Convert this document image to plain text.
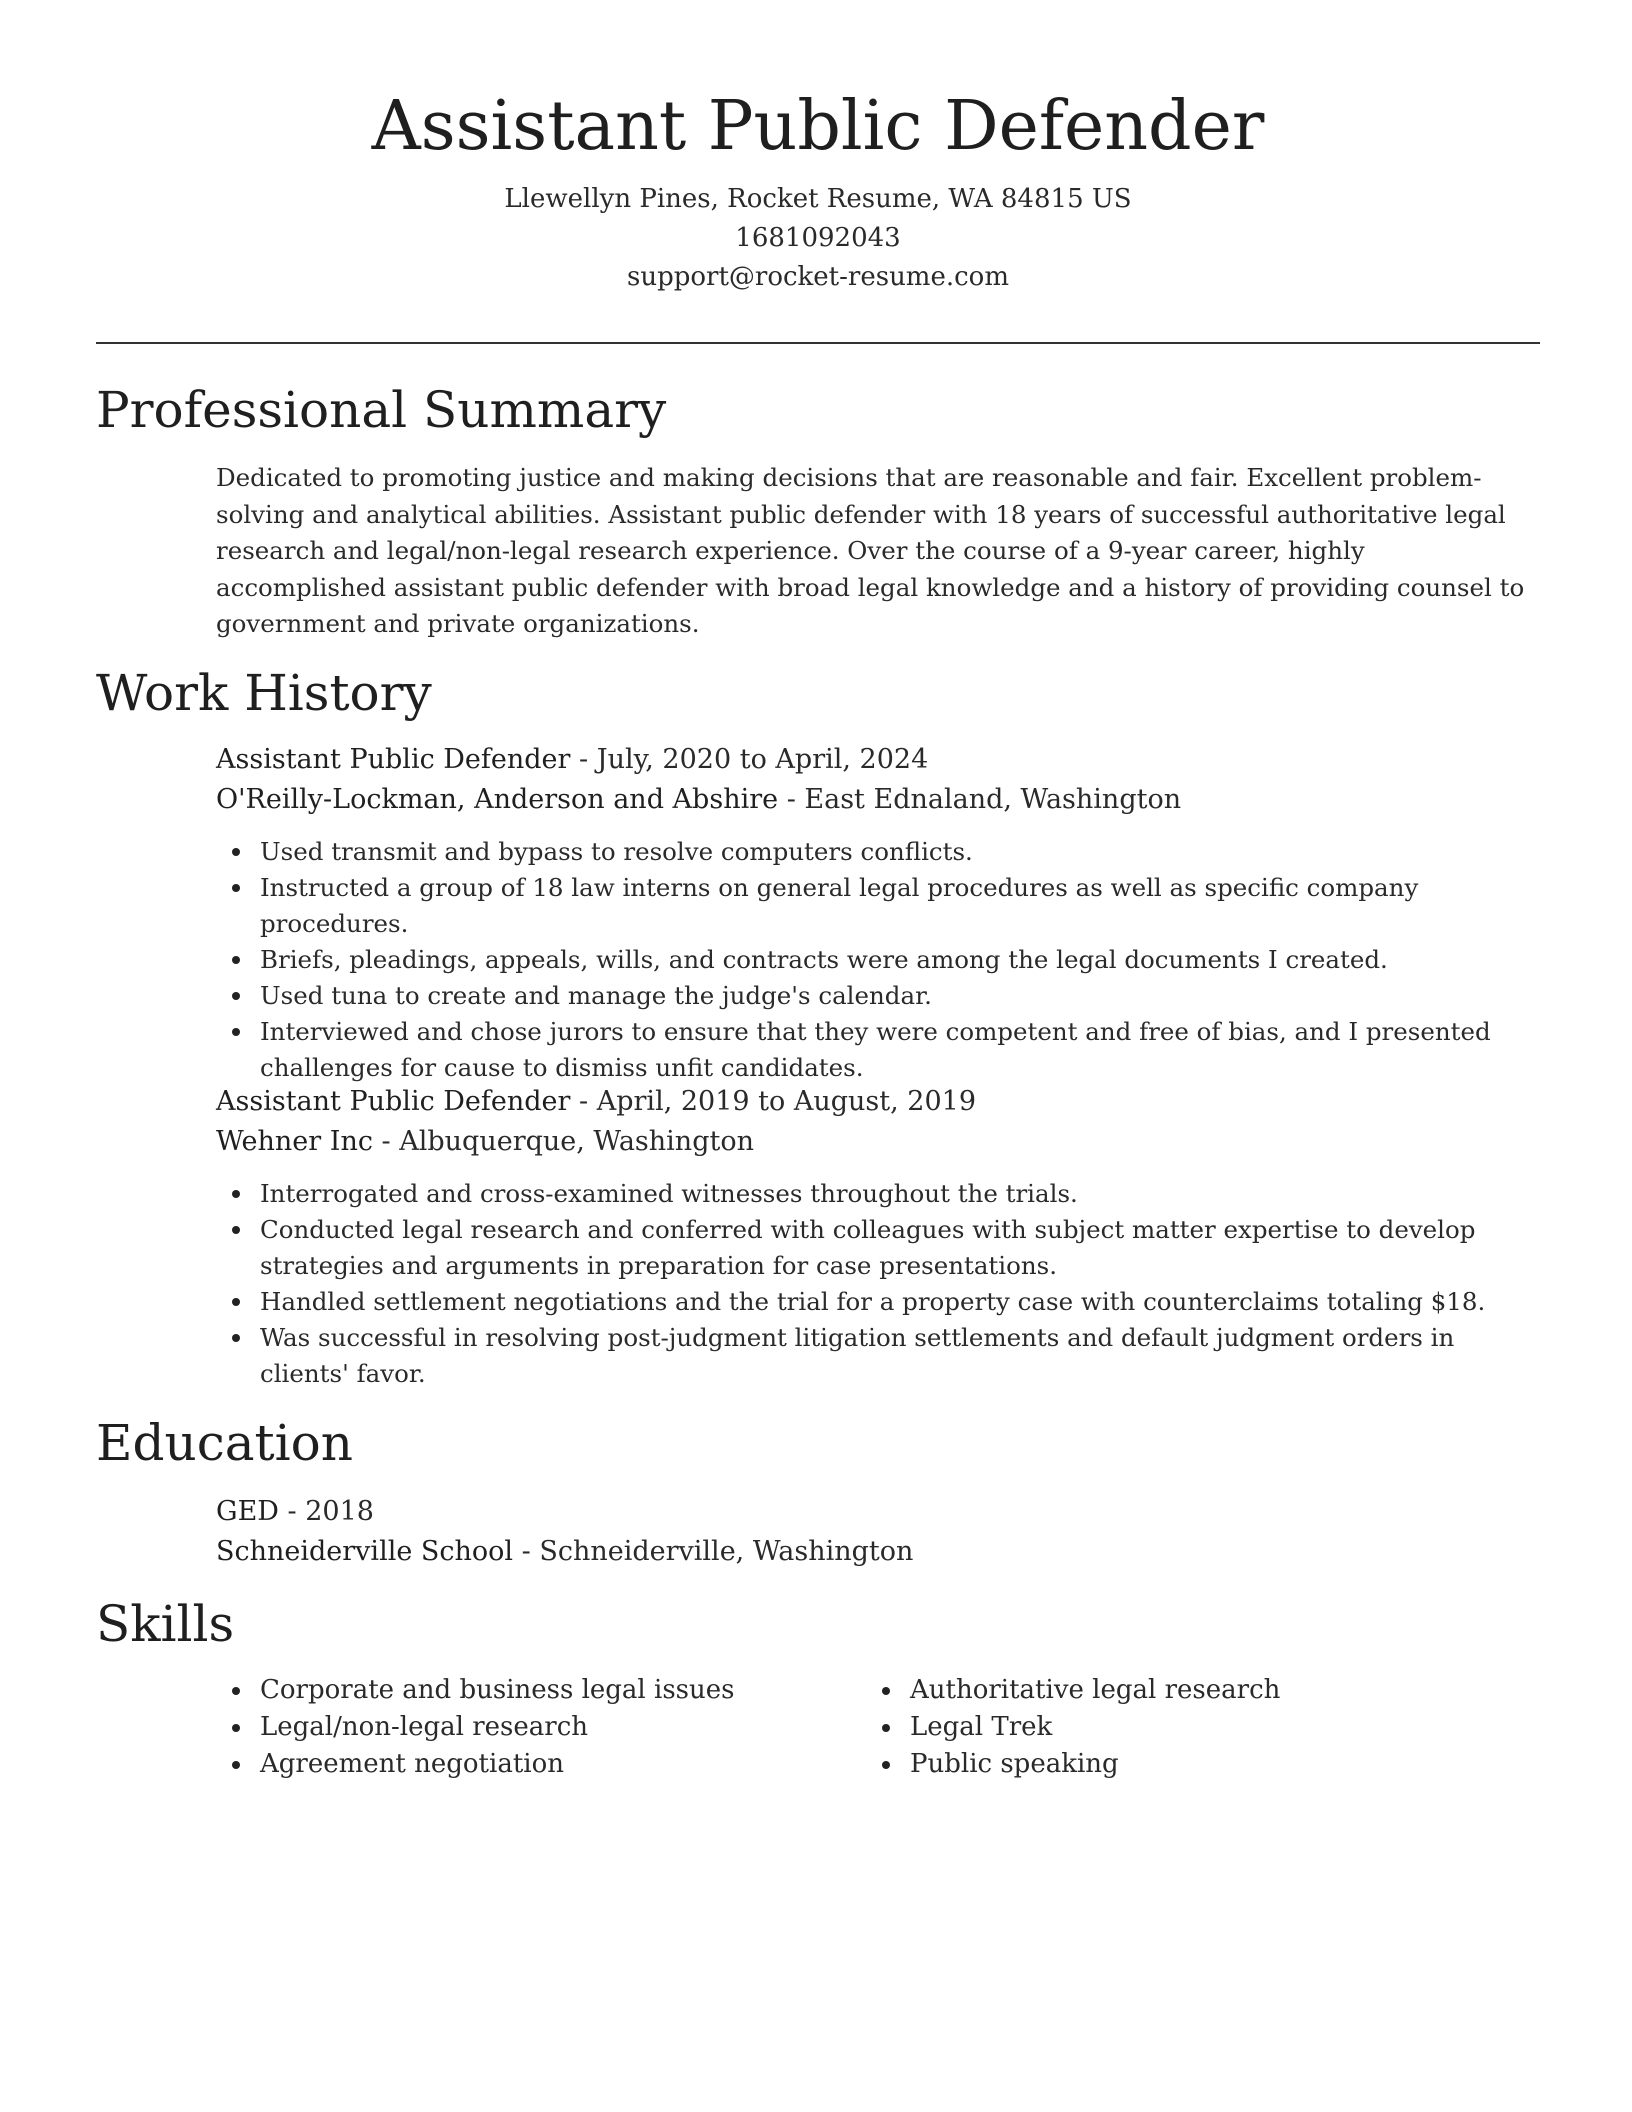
Assistant Public Defender
Llewellyn Pines, Rocket Resume, WA 84815 US
1681092043
support@rocket-resume.com
Professional Summary

Dedicated to promoting justice and making decisions that are reasonable and fair. Excellent problem-solving and analytical abilities. Assistant public defender with 18 years of successful authoritative legal research and legal/non-legal research experience. Over the course of a 9-year career, highly accomplished assistant public defender with broad legal knowledge and a history of providing counsel to government and private organizations.

Work History
Assistant Public Defender - July, 2020 to April, 2024
O'Reilly-Lockman, Anderson and Abshire - East Ednaland, Washington
Used transmit and bypass to resolve computers conflicts.
Instructed a group of 18 law interns on general legal procedures as well as specific company procedures.
Briefs, pleadings, appeals, wills, and contracts were among the legal documents I created.
Used tuna to create and manage the judge's calendar.
Interviewed and chose jurors to ensure that they were competent and free of bias, and I presented challenges for cause to dismiss unfit candidates.
Assistant Public Defender - April, 2019 to August, 2019
Wehner Inc - Albuquerque, Washington
Interrogated and cross-examined witnesses throughout the trials.
Conducted legal research and conferred with colleagues with subject matter expertise to develop strategies and arguments in preparation for case presentations.
Handled settlement negotiations and the trial for a property case with counterclaims totaling $18.
Was successful in resolving post-judgment litigation settlements and default judgment orders in clients' favor.
Education
GED - 2018
Schneiderville School - Schneiderville, Washington
Skills
Corporate and business legal issues
Legal/non-legal research
Agreement negotiation
Authoritative legal research
Legal Trek
Public speaking
